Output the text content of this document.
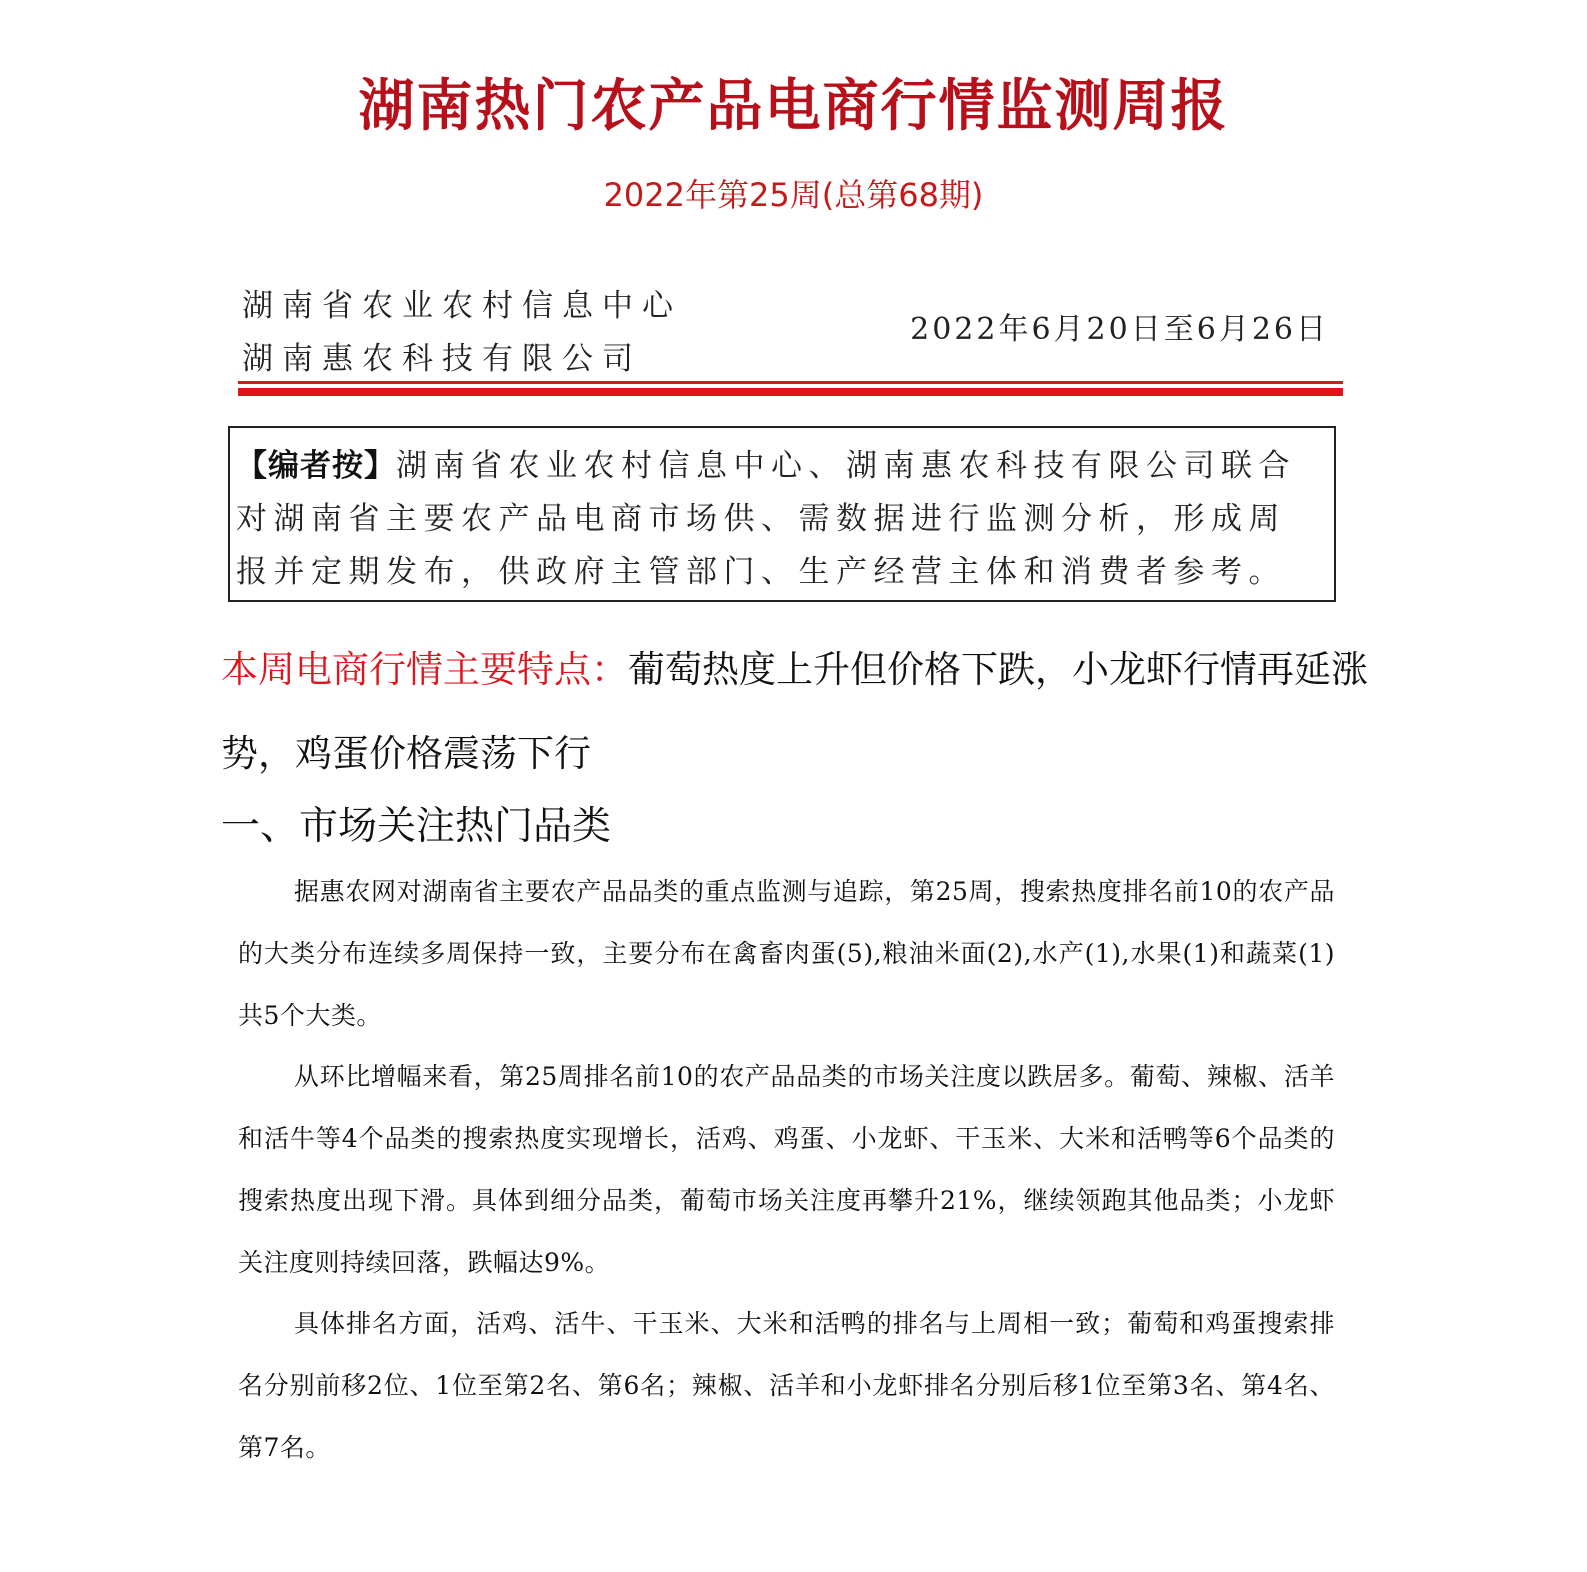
湖南热门农产品电商行情监测周报
2022年第25周(总第68期)
湖南省农业农村信息中心
湖南惠农科技有限公司
2022年6月20日至6月26日
【编者按】湖南省农业农村信息中心、湖南惠农科技有限公司联合对湖南省主要农产品电商市场供、需数据进行监测分析，形成周报并定期发布，供政府主管部门、生产经营主体和消费者参考。
本周电商行情主要特点：葡萄热度上升但价格下跌，小龙虾行情再延涨势，鸡蛋价格震荡下行
一、市场关注热门品类

据惠农网对湖南省主要农产品品类的重点监测与追踪，第25周，搜索热度排名前10的农产品的大类分布连续多周保持一致，主要分布在禽畜肉蛋(5),粮油米面(2),水产(1),水果(1)和蔬菜(1)共5个大类。

从环比增幅来看，第25周排名前10的农产品品类的市场关注度以跌居多。葡萄、辣椒、活羊和活牛等4个品类的搜索热度实现增长，活鸡、鸡蛋、小龙虾、干玉米、大米和活鸭等6个品类的搜索热度出现下滑。具体到细分品类，葡萄市场关注度再攀升21%，继续领跑其他品类；小龙虾关注度则持续回落，跌幅达9%。

具体排名方面，活鸡、活牛、干玉米、大米和活鸭的排名与上周相一致；葡萄和鸡蛋搜索排名分别前移2位、1位至第2名、第6名；辣椒、活羊和小龙虾排名分别后移1位至第3名、第4名、第7名。
